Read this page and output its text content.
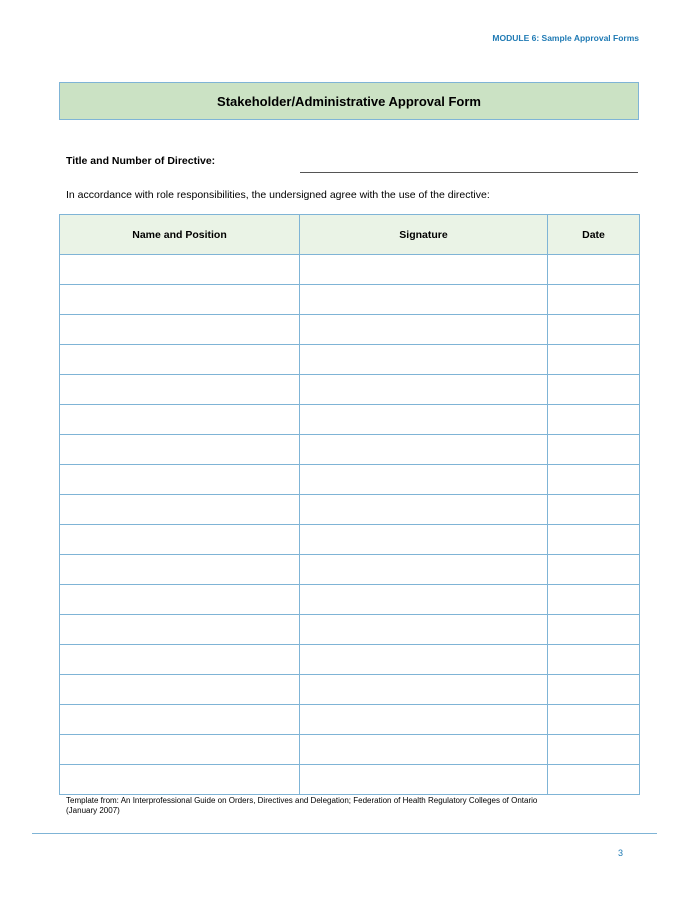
MODULE 6: Sample Approval Forms
Stakeholder/Administrative Approval Form
Title and Number of Directive:
In accordance with role responsibilities, the undersigned agree with the use of the directive:
Name and Position	Signature	Date

Template from: An Interprofessional Guide on Orders, Directives and Delegation; Federation of Health Regulatory Colleges of Ontario
(January 2007)
3
